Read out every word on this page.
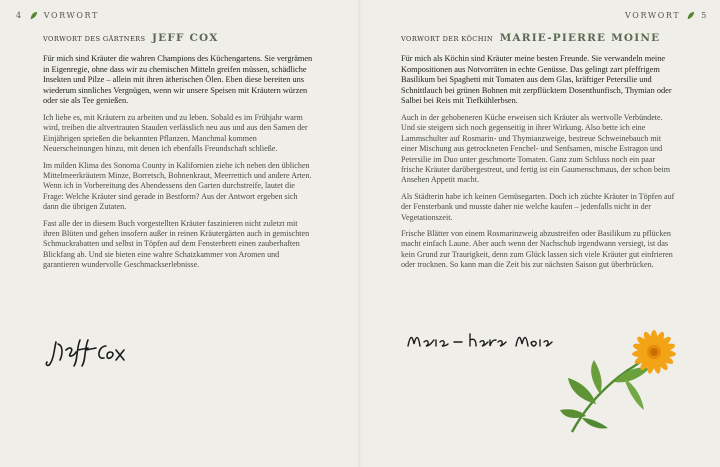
4	VORWORT
VORWORT DES GÄRTNERS JEFF COX

Für mich sind Kräuter die wahren Champions des Küchengartens. Sie vergrämen in Eigenregie, ohne dass wir zu chemischen Mitteln greifen müssen, schädliche Insekten und Pilze – allein mit ihren ätherischen Ölen. Eben diese bereiten uns wiederum sinnliches Vergnügen, wenn wir unsere Speisen mit Kräutern würzen oder sie als Tee genießen.

Ich liebe es, mit Kräutern zu arbeiten und zu leben. Sobald es im Frühjahr warm wird, treiben die altvertrauten Stauden verlässlich neu aus und aus den Samen der Einjährigen sprießen die bekannten Pflanzen. Manchmal kommen Neuerscheinungen hinzu, mit denen ich ebenfalls Freundschaft schließe.

Im milden Klima des Sonoma County in Kalifornien ziehe ich neben den üblichen Mittelmeerkräutern Minze, Borretsch, Bohnenkraut, Meerrettich und andere Arten. Wenn ich in Vorbereitung des Abendessens den Garten durchstreife, lautet die Frage: Welche Kräuter sind gerade in Bestform? Aus der Antwort ergeben sich dann die übrigen Zutaten.

Fast alle der in diesem Buch vorgestellten Kräuter faszinieren nicht zuletzt mit ihren Blüten und gehen insofern außer in reinen Kräutergärten auch in gemischten Schmuckrabatten und selbst in Töpfen auf dem Fensterbrett einen zauberhaften Blickfang ab. Und sie bieten eine wahre Schatzkammer von Aromen und garantieren wundervolle Geschmackserlebnisse.

VORWORT	5
VORWORT DER KÖCHIN MARIE-PIERRE MOINE

Für mich als Köchin sind Kräuter meine besten Freunde. Sie verwandeln meine Kompositionen aus Notvorräten in echte Genüsse. Das gelingt zart pfeffrigem Basilikum bei Spaghetti mit Tomaten aus dem Glas, kräftiger Petersilie und Schnittlauch bei grünen Bohnen mit zerpflücktem Dosenthunfisch, Thymian oder Salbei bei Reis mit Tiefkühlerbsen.

Auch in der gehobeneren Küche erweisen sich Kräuter als wertvolle Verbündete. Und sie steigern sich noch gegenseitig in ihrer Wirkung. Also bette ich eine Lammschulter auf Rosmarin- und Thymianzweige, bestreue Schweinebauch mit einer Mischung aus getrockneten Fenchel- und Senfsamen, mische Estragon und Petersilie im Duo unter geschmorte Tomaten. Ganz zum Schluss noch ein paar frische Kräuter darübergestreut, und fertig ist ein Gaumenschmaus, der schon beim Ansehen Appetit macht.

Als Städterin habe ich keinen Gemüsegarten. Doch ich züchte Kräuter in Töpfen auf der Fensterbank und musste daher nie welche kaufen – jedenfalls nicht in der Vegetationszeit.

Frische Blätter von einem Rosmarinzweig abzustreifen oder Basilikum zu pflücken macht einfach Laune. Aber auch wenn der Nachschub irgendwann versiegt, ist das kein Grund zur Traurigkeit, denn zum Glück lassen sich viele Kräuter gut einfrieren oder trocknen. So kann man die Zeit bis zur nächsten Saison gut überbrücken.
